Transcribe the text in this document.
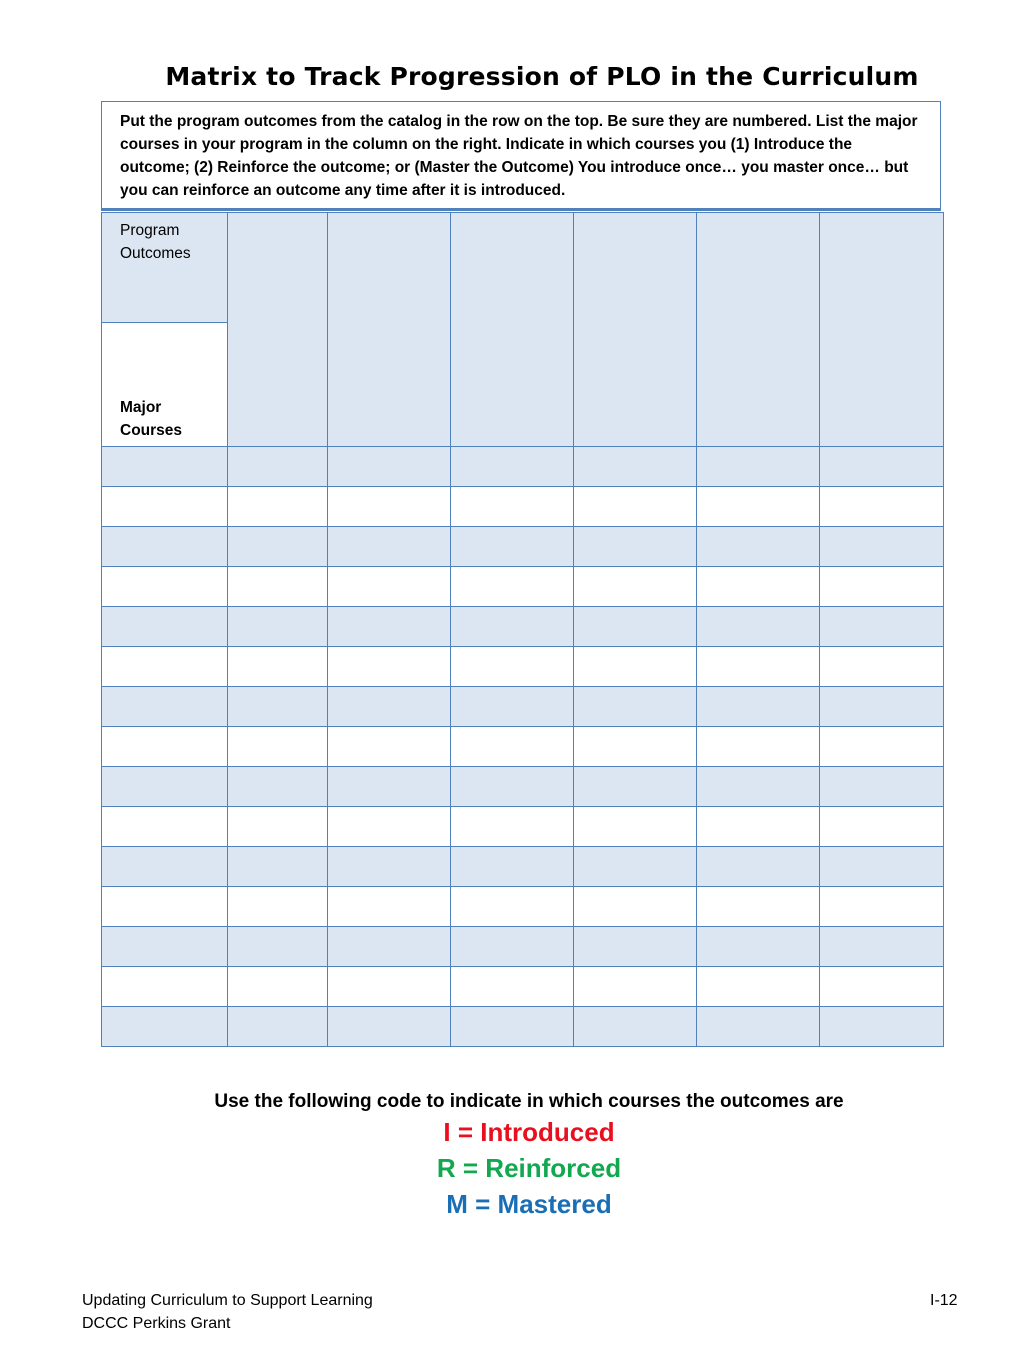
Matrix to Track Progression of PLO in the Curriculum
Put the program outcomes from the catalog in the row on the top. Be sure they are numbered. List the major courses in your program in the column on the right. Indicate in which courses you (1) Introduce the outcome; (2) Reinforce the outcome; or (Master the Outcome) You introduce once… you master once… but you can reinforce an outcome any time after it is introduced.
Program Outcomes						
Major Courses						

Use the following code to indicate in which courses the outcomes are
I = Introduced
R = Reinforced
M = Mastered
Updating Curriculum to Support Learning
DCCC Perkins Grant
I-12
